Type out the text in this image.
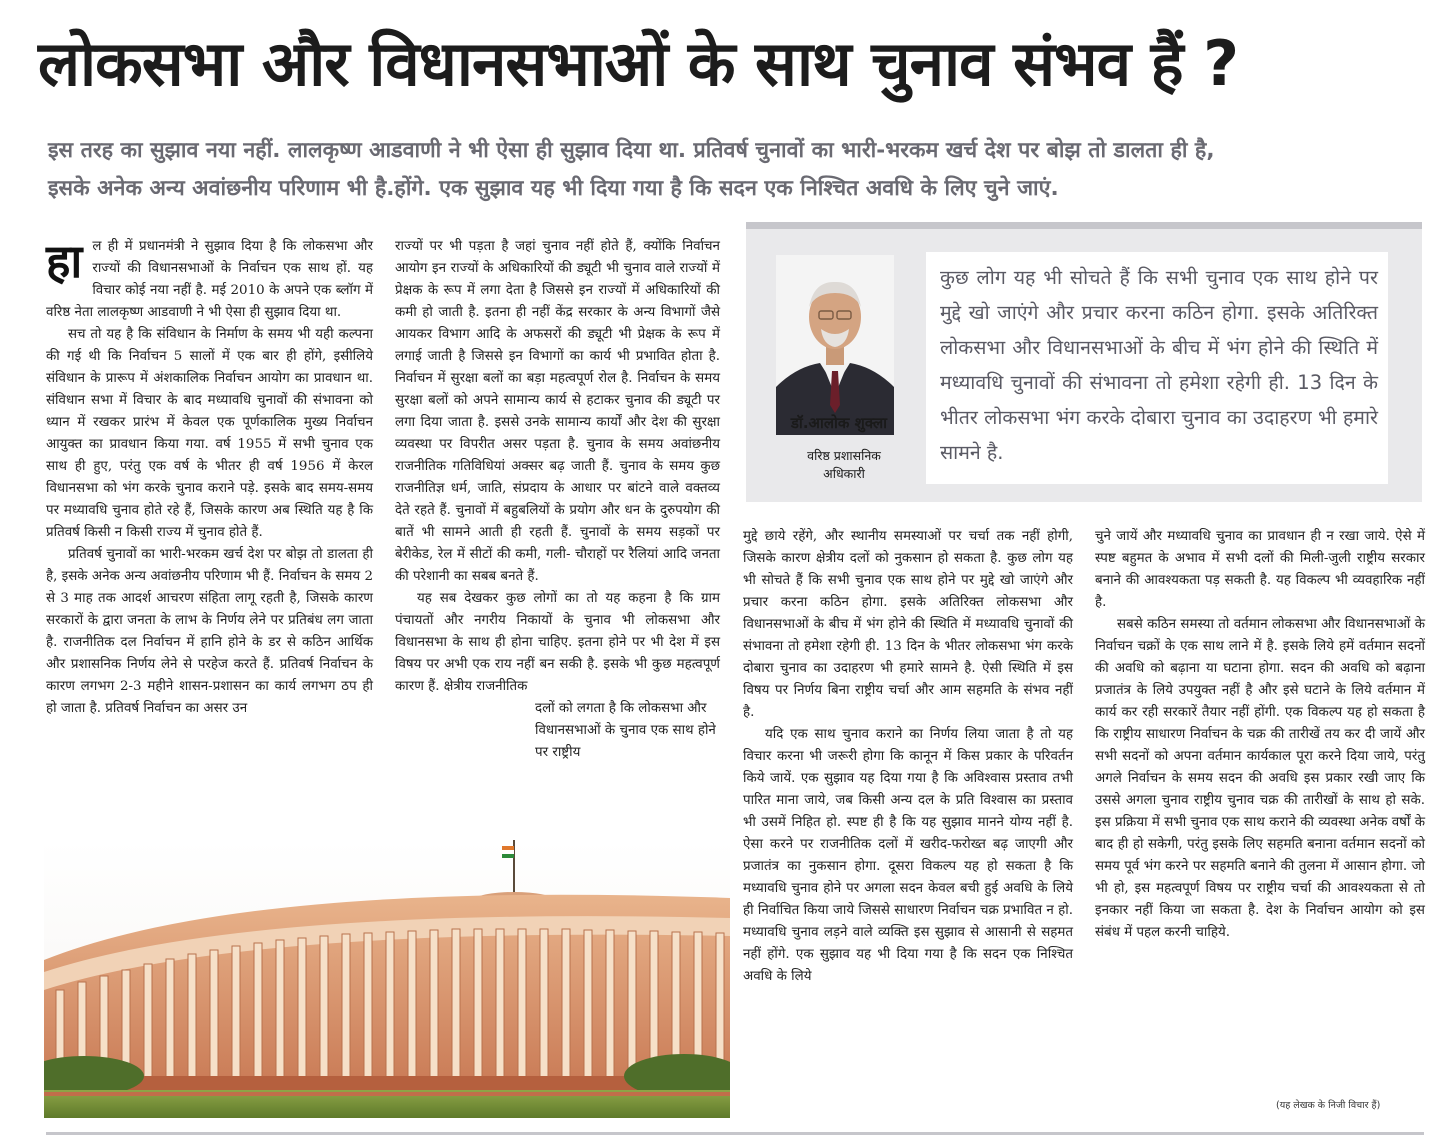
लोकसभा और विधानसभाओं के साथ चुनाव संभव हैं ?

इस तरह का सुझाव नया नहीं. लालकृष्ण आडवाणी ने भी ऐसा ही सुझाव दिया था. प्रतिवर्ष चुनावों का भारी-भरकम खर्च देश पर बोझ तो डालता ही है,

इसके अनेक अन्य अवांछनीय परिणाम भी है.होंगे. एक सुझाव यह भी दिया गया है कि सदन एक निश्चित अवधि के लिए चुने जाएं.

हा ल ही में प्रधानमंत्री ने सुझाव दिया है कि लोकसभा और राज्यों की विधानसभाओं के निर्वाचन एक साथ हों. यह विचार कोई नया नहीं है. मई 2010 के अपने एक ब्लॉग में वरिष्ठ नेता लालकृष्ण आडवाणी ने भी ऐसा ही सुझाव दिया था.

सच तो यह है कि संविधान के निर्माण के समय भी यही कल्पना की गई थी कि निर्वाचन 5 सालों में एक बार ही होंगे, इसीलिये संविधान के प्रारूप में अंशकालिक निर्वाचन आयोग का प्रावधान था. संविधान सभा में विचार के बाद मध्यावधि चुनावों की संभावना को ध्यान में रखकर प्रारंभ में केवल एक पूर्णकालिक मुख्य निर्वाचन आयुक्त का प्रावधान किया गया. वर्ष 1955 में सभी चुनाव एक साथ ही हुए, परंतु एक वर्ष के भीतर ही वर्ष 1956 में केरल विधानसभा को भंग करके चुनाव कराने पड़े. इसके बाद समय-समय पर मध्यावधि चुनाव होते रहे हैं, जिसके कारण अब स्थिति यह है कि प्रतिवर्ष किसी न किसी राज्य में चुनाव होते हैं.

प्रतिवर्ष चुनावों का भारी-भरकम खर्च देश पर बोझ तो डालता ही है, इसके अनेक अन्य अवांछनीय परिणाम भी हैं. निर्वाचन के समय 2 से 3 माह तक आदर्श आचरण संहिता लागू रहती है, जिसके कारण सरकारों के द्वारा जनता के लाभ के निर्णय लेने पर प्रतिबंध लग जाता है. राजनीतिक दल निर्वाचन में हानि होने के डर से कठिन आर्थिक और प्रशासनिक निर्णय लेने से परहेज करते हैं. प्रतिवर्ष निर्वाचन के कारण लगभग 2-3 महीने शासन-प्रशासन का कार्य लगभग ठप ही हो जाता है. प्रतिवर्ष निर्वाचन का असर उन

राज्यों पर भी पड़ता है जहां चुनाव नहीं होते हैं, क्योंकि निर्वाचन आयोग इन राज्यों के अधिकारियों की ड्यूटी भी चुनाव वाले राज्यों में प्रेक्षक के रूप में लगा देता है जिससे इन राज्यों में अधिकारियों की कमी हो जाती है. इतना ही नहीं केंद्र सरकार के अन्य विभागों जैसे आयकर विभाग आदि के अफसरों की ड्यूटी भी प्रेक्षक के रूप में लगाई जाती है जिससे इन विभागों का कार्य भी प्रभावित होता है. निर्वाचन में सुरक्षा बलों का बड़ा महत्वपूर्ण रोल है. निर्वाचन के समय सुरक्षा बलों को अपने सामान्य कार्य से हटाकर चुनाव की ड्यूटी पर लगा दिया जाता है. इससे उनके सामान्य कार्यों और देश की सुरक्षा व्यवस्था पर विपरीत असर पड़ता है. चुनाव के समय अवांछनीय राजनीतिक गतिविधियां अक्सर बढ़ जाती हैं. चुनाव के समय कुछ राजनीतिज्ञ धर्म, जाति, संप्रदाय के आधार पर बांटने वाले वक्तव्य देते रहते हैं. चुनावों में बहुबलियों के प्रयोग और धन के दुरुपयोग की बातें भी सामने आती ही रहती हैं. चुनावों के समय सड़कों पर बेरीकेड, रेल में सीटों की कमी, गली- चौराहों पर रैलियां आदि जनता की परेशानी का सबब बनते हैं.

यह सब देखकर कुछ लोगों का तो यह कहना है कि ग्राम पंचायतों और नगरीय निकायों के चुनाव भी लोकसभा और विधानसभा के साथ ही होना चाहिए. इतना होने पर भी देश में इस विषय पर अभी एक राय नहीं बन सकी है. इसके भी कुछ महत्वपूर्ण कारण हैं. क्षेत्रीय राजनीतिक

दलों को लगता है कि लोकसभा और विधानसभाओं के चुनाव एक साथ होने पर राष्ट्रीय

डॉ.आलोक शुक्ला
वरिष्ठ प्रशासनिक अधिकारी
कुछ लोग यह भी सोचते हैं कि सभी चुनाव एक साथ होने पर मुद्दे खो जाएंगे और प्रचार करना कठिन होगा. इसके अतिरिक्त लोकसभा और विधानसभाओं के बीच में भंग होने की स्थिति में मध्यावधि चुनावों की संभावना तो हमेशा रहेगी ही. 13 दिन के भीतर लोकसभा भंग करके दोबारा चुनाव का उदाहरण भी हमारे सामने है.

मुद्दे छाये रहेंगे, और स्थानीय समस्याओं पर चर्चा तक नहीं होगी, जिसके कारण क्षेत्रीय दलों को नुकसान हो सकता है. कुछ लोग यह भी सोचते हैं कि सभी चुनाव एक साथ होने पर मुद्दे खो जाएंगे और प्रचार करना कठिन होगा. इसके अतिरिक्त लोकसभा और विधानसभाओं के बीच में भंग होने की स्थिति में मध्यावधि चुनावों की संभावना तो हमेशा रहेगी ही. 13 दिन के भीतर लोकसभा भंग करके दोबारा चुनाव का उदाहरण भी हमारे सामने है. ऐसी स्थिति में इस विषय पर निर्णय बिना राष्ट्रीय चर्चा और आम सहमति के संभव नहीं है.

यदि एक साथ चुनाव कराने का निर्णय लिया जाता है तो यह विचार करना भी जरूरी होगा कि कानून में किस प्रकार के परिवर्तन किये जायें. एक सुझाव यह दिया गया है कि अविश्वास प्रस्ताव तभी पारित माना जाये, जब किसी अन्य दल के प्रति विश्वास का प्रस्ताव भी उसमें निहित हो. स्पष्ट ही है कि यह सुझाव मानने योग्य नहीं है. ऐसा करने पर राजनीतिक दलों में खरीद-फरोख्त बढ़ जाएगी और प्रजातंत्र का नुकसान होगा. दूसरा विकल्प यह हो सकता है कि मध्यावधि चुनाव होने पर अगला सदन केवल बची हुई अवधि के लिये ही निर्वाचित किया जाये जिससे साधारण निर्वाचन चक्र प्रभावित न हो. मध्यावधि चुनाव लड़ने वाले व्यक्ति इस सुझाव से आसानी से सहमत नहीं होंगे. एक सुझाव यह भी दिया गया है कि सदन एक निश्चित अवधि के लिये

चुने जायें और मध्यावधि चुनाव का प्रावधान ही न रखा जाये. ऐसे में स्पष्ट बहुमत के अभाव में सभी दलों की मिली-जुली राष्ट्रीय सरकार बनाने की आवश्यकता पड़ सकती है. यह विकल्प भी व्यवहारिक नहीं है.

सबसे कठिन समस्या तो वर्तमान लोकसभा और विधानसभाओं के निर्वाचन चक्रों के एक साथ लाने में है. इसके लिये हमें वर्तमान सदनों की अवधि को बढ़ाना या घटाना होगा. सदन की अवधि को बढ़ाना प्रजातंत्र के लिये उपयुक्त नहीं है और इसे घटाने के लिये वर्तमान में कार्य कर रही सरकारें तैयार नहीं होंगी. एक विकल्प यह हो सकता है कि राष्ट्रीय साधारण निर्वाचन के चक्र की तारीखें तय कर दी जायें और सभी सदनों को अपना वर्तमान कार्यकाल पूरा करने दिया जाये, परंतु अगले निर्वाचन के समय सदन की अवधि इस प्रकार रखी जाए कि उससे अगला चुनाव राष्ट्रीय चुनाव चक्र की तारीखों के साथ हो सके. इस प्रक्रिया में सभी चुनाव एक साथ कराने की व्यवस्था अनेक वर्षों के बाद ही हो सकेगी, परंतु इसके लिए सहमति बनाना वर्तमान सदनों को समय पूर्व भंग करने पर सहमति बनाने की तुलना में आसान होगा. जो भी हो, इस महत्वपूर्ण विषय पर राष्ट्रीय चर्चा की आवश्यकता से तो इनकार नहीं किया जा सकता है. देश के निर्वाचन आयोग को इस संबंध में पहल करनी चाहिये.

(यह लेखक के निजी विचार हैं)
